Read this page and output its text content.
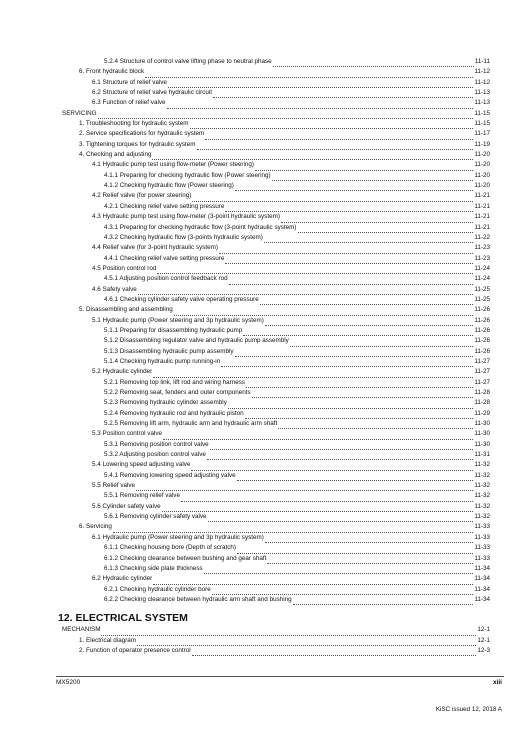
5.2.4 Structure of control valve lifting phase to neutral phase	11-11
6. Front hydraulic block	11-12
6.1 Structure of relief valve	11-12
6.2 Structure of relief valve hydraulic circuit	11-13
6.3 Function of relief valve	11-13
SERVICING	11-15
1. Troubleshooting for hydraulic system	11-15
2. Service specifications for hydraulic system	11-17
3. Tightening torques for hydraulic system	11-19
4. Checking and adjusting	11-20
4.1 Hydraulic pump test using flow-meter (Power steering)	11-20
4.1.1 Preparing for checking hydraulic flow (Power steering)	11-20
4.1.2 Checking hydraulic flow (Power steering)	11-20
4.2 Relief valve (for power steering)	11-21
4.2.1 Checking relief valve setting pressure	11-21
4.3 Hydraulic pump test using flow-meter (3-point hydraulic system)	11-21
4.3.1 Preparing for checking hydraulic flow (3-point hydraulic system)	11-21
4.3.2 Checking hydraulic flow (3-points hydraulic system)	11-22
4.4 Relief valve (for 3-point hydraulic system)	11-23
4.4.1 Checking relief valve setting pressure	11-23
4.5 Position control rod	11-24
4.5.1 Adjusting position control feedback rod	11-24
4.6 Safety valve	11-25
4.6.1 Checking cylinder safety valve operating pressure	11-25
5. Disassembling and assembling	11-26
5.1 Hydraulic pump (Power steering and 3p hydraulic system)	11-26
5.1.1 Preparing for disassembling hydraulic pump	11-26
5.1.2 Disassembling regulator valve and hydraulic pump assembly	11-26
5.1.3 Disassembling hydraulic pump assembly	11-26
5.1.4 Checking hydraulic pump running-in	11-27
5.2 Hydraulic cylinder	11-27
5.2.1 Removing top link, lift rod and wiring harness	11-27
5.2.2 Removing seat, fenders and outer components	11-28
5.2.3 Removing hydraulic cylinder assembly	11-28
5.2.4 Removing hydraulic rod and hydraulic piston	11-29
5.2.5 Removing lift arm, hydraulic arm and hydraulic arm shaft	11-30
5.3 Position control valve	11-30
5.3.1 Removing position control valve	11-30
5.3.2 Adjusting position control valve	11-31
5.4 Lowering speed adjusting valve	11-32
5.4.1 Removing lowering speed adjusting valve	11-32
5.5 Relief valve	11-32
5.5.1 Removing relief valve	11-32
5.6 Cylinder safety valve	11-32
5.6.1 Removing cylinder safety valve	11-32
6. Servicing	11-33
6.1 Hydraulic pump (Power steering and 3p hydraulic system)	11-33
6.1.1 Checking housing bore (Depth of scratch)	11-33
6.1.2 Checking clearance between bushing and gear shaft	11-33
6.1.3 Checking side plate thickness	11-34
6.2 Hydraulic cylinder	11-34
6.2.1 Checking hydraulic cylinder bore	11-34
6.2.2 Checking clearance between hydraulic arm shaft and bushing	11-34
12. ELECTRICAL SYSTEM
MECHANISM	12-1
1. Electrical diagram	12-1
2. Function of operator presence control	12-3
MX5200	xiii
KiSC issued 12, 2018 A
